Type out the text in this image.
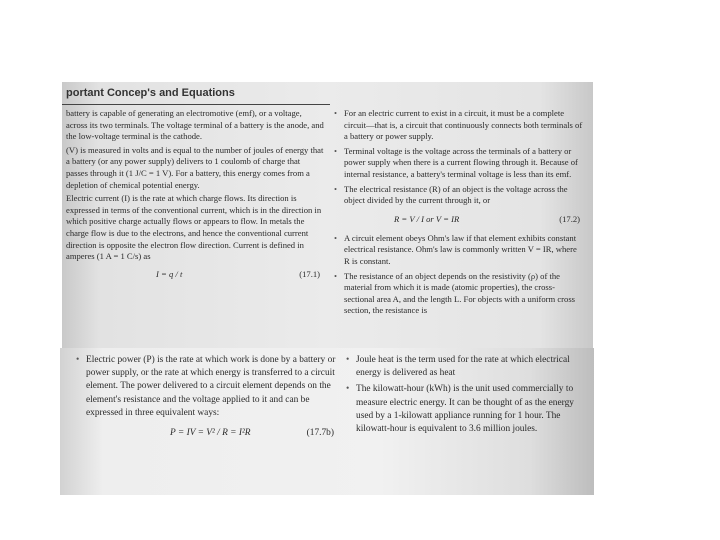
portant Concep's and Equations

battery is capable of generating an electromotive (emf), or a voltage, across its two terminals. The voltage terminal of a battery is the anode, and the low-voltage terminal is the cathode.

(V) is measured in volts and is equal to the number of joules of energy that a battery (or any power supply) delivers to 1 coulomb of charge that passes through it (1 J/C = 1 V). For a battery, this energy comes from a depletion of chemical potential energy.

Electric current (I) is the rate at which charge flows. Its direction is expressed in terms of the conventional current, which is in the direction in which positive charge actually flows or appears to flow. In metals the charge flow is due to the electrons, and hence the conventional current direction is opposite the electron flow direction. Current is defined in amperes (1 A = 1 C/s) as

I = q / t	(17.1)

• For an electric current to exist in a circuit, it must be a complete circuit—that is, a circuit that continuously connects both terminals of a battery or power supply.

• Terminal voltage is the voltage across the terminals of a battery or power supply when there is a current flowing through it. Because of internal resistance, a battery's terminal voltage is less than its emf.

• The electrical resistance (R) of an object is the voltage across the object divided by the current through it, or

R = V / I or V = IR	(17.2)

• A circuit element obeys Ohm's law if that element exhibits constant electrical resistance. Ohm's law is commonly written V = IR, where R is constant.

• The resistance of an object depends on the resistivity (ρ) of the material from which it is made (atomic properties), the cross-sectional area A, and the length L. For objects with a uniform cross section, the resistance is

• Electric power (P) is the rate at which work is done by a battery or power supply, or the rate at which energy is transferred to a circuit element. The power delivered to a circuit element depends on the element's resistance and the voltage applied to it and can be expressed in three equivalent ways:

P = IV = V² / R = I²R	(17.7b)

• Joule heat is the term used for the rate at which electrical energy is delivered as heat

• The kilowatt-hour (kWh) is the unit used commercially to measure electric energy. It can be thought of as the energy used by a 1-kilowatt appliance running for 1 hour. The kilowatt-hour is equivalent to 3.6 million joules.
